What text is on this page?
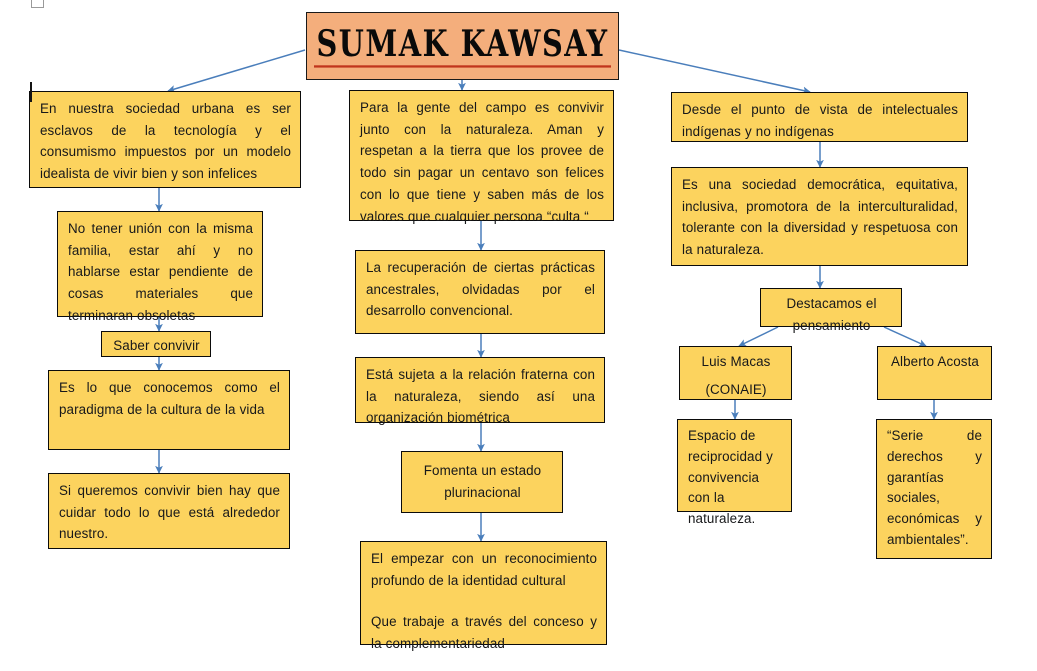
SUMAK KAWSAY

En nuestra sociedad urbana es ser esclavos de la tecnología y el consumismo impuestos por un modelo idealista de vivir bien y son infelices

No tener unión con la misma familia, estar ahí y no hablarse estar pendiente de cosas materiales que terminaran obsoletas

Saber convivir

Es lo que conocemos como el paradigma de la cultura de la vida

Si queremos convivir bien hay que cuidar todo lo que está alrededor nuestro.

Para la gente del campo es convivir junto con la naturaleza. Aman y respetan a la tierra que los provee de todo sin pagar un centavo son felices con lo que tiene y saben más de los valores que cualquier persona “culta “

La recuperación de ciertas prácticas ancestrales, olvidadas por el desarrollo convencional.

Está sujeta a la relación fraterna con la naturaleza, siendo así una organización biométrica

Fomenta un estado plurinacional

El empezar con un reconocimiento profundo de la identidad cultural

Que trabaje a través del conceso y la complementariedad

Desde el punto de vista de intelectuales indígenas y no indígenas

Es una sociedad democrática, equitativa, inclusiva, promotora de la interculturalidad, tolerante con la diversidad y respetuosa con la naturaleza.

Destacamos el pensamiento

Luis Macas

(CONAIE)

Alberto Acosta

Espacio de reciprocidad y convivencia con la naturaleza.

“Serie de derechos y garantías sociales, económicas y ambientales”.
